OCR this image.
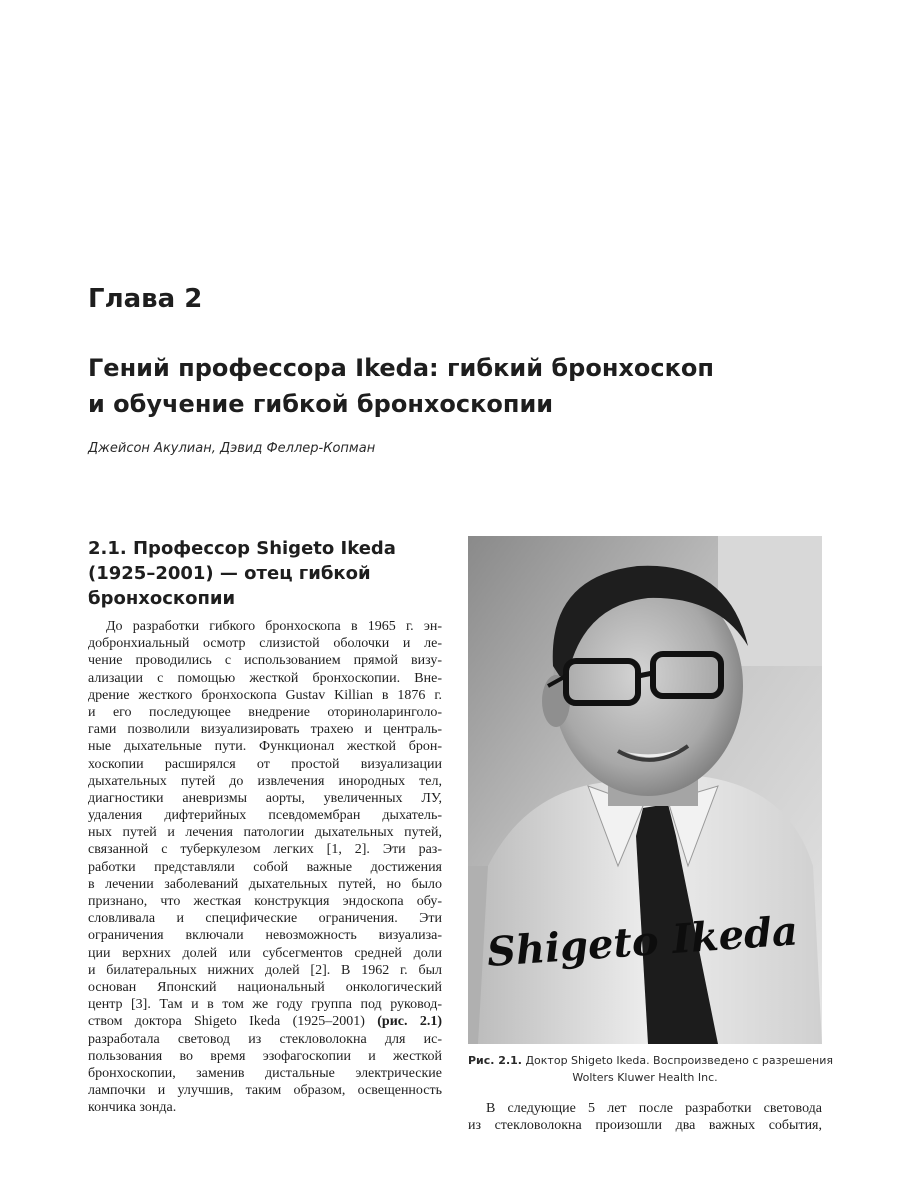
Глава 2
Гений профессора Ikeda: гибкий бронхоскоп
и обучение гибкой бронхоскопии

Джейсон Акулиан, Дэвид Феллер-Копман

2.1. Профессор Shigeto Ikeda
(1925–2001) — отец гибкой
бронхоскопии
До разработки гибкого бронхоскопа в 1965 г. эн-
добронхиальный осмотр слизистой оболочки и ле-
чение проводились с использованием прямой визу-
ализации с помощью жесткой бронхоскопии. Вне-
дрение жесткого бронхоскопа Gustav Killian в 1876 г.
и его последующее внедрение оториноларинголо-
гами позволили визуализировать трахею и централь-
ные дыхательные пути. Функционал жесткой брон-
хоскопии расширялся от простой визуализации
дыхательных путей до извлечения инородных тел,
диагностики аневризмы аорты, увеличенных ЛУ,
удаления дифтерийных псевдомембран дыхатель-
ных путей и лечения патологии дыхательных путей,
связанной с туберкулезом легких [1, 2]. Эти раз-
работки представляли собой важные достижения
в лечении заболеваний дыхательных путей, но было
признано, что жесткая конструкция эндоскопа обу-
словливала и специфические ограничения. Эти
ограничения включали невозможность визуализа-
ции верхних долей или субсегментов средней доли
и билатеральных нижних долей [2]. В 1962 г. был
основан Японский национальный онкологический
центр [3]. Там и в том же году группа под руковод-
ством доктора Shigeto Ikeda (1925–2001) (рис. 2.1)
разработала световод из стекловолокна для ис-
пользования во время эзофагоскопии и жесткой
бронхоскопии, заменив дистальные электрические
лампочки и улучшив, таким образом, освещенность
кончика зонда.
Shigeto Ikeda
Рис. 2.1. Доктор Shigeto Ikeda. Воспроизведено с разрешения
Wolters Kluwer Health Inc.
В следующие 5 лет после разработки световода
из стекловолокна произошли два важных события,
